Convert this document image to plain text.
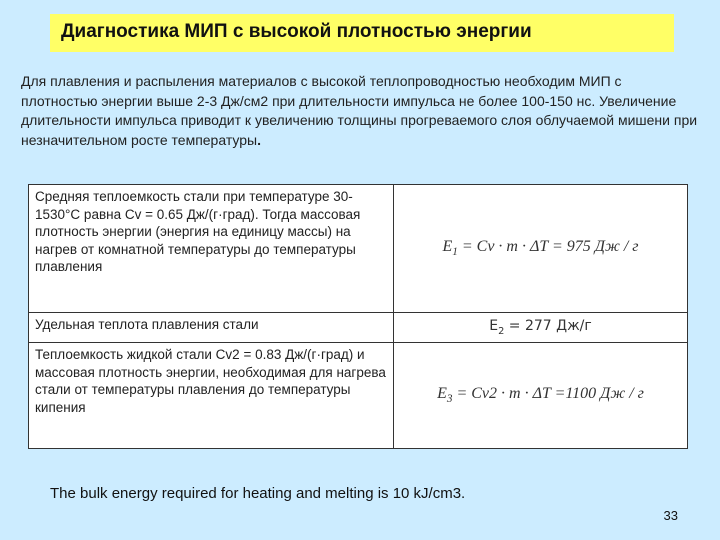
Диагностика МИП с высокой плотностью энергии
Для плавления и распыления материалов с высокой теплопроводностью необходим МИП с плотностью энергии выше 2-3 Дж/см2 при длительности импульса не более 100-150 нс. Увеличение длительности импульса приводит к увеличению толщины прогреваемого слоя облучаемой мишени при незначительном росте температуры.
Средняя теплоемкость стали при температуре 30-1530°С равна Cv = 0.65 Дж/(г·град). Тогда массовая плотность энергии (энергия на единицу массы) на нагрев от комнатной температуры до температуры плавления	$E_1 = Cv \cdot m \cdot \Delta T = 975$ Дж / г
Удельная теплота плавления стали	$E_2 = 277$ Дж/г
Теплоемкость жидкой стали Cv2 = 0.83 Дж/(г·град) и массовая плотность энергии, необходимая для нагрева стали от температуры плавления до температуры кипения	$E_3 = Cv2 \cdot m \cdot \Delta T =1100$ Дж / г
The bulk energy required for heating and melting is 10 kJ/cm3.
33
